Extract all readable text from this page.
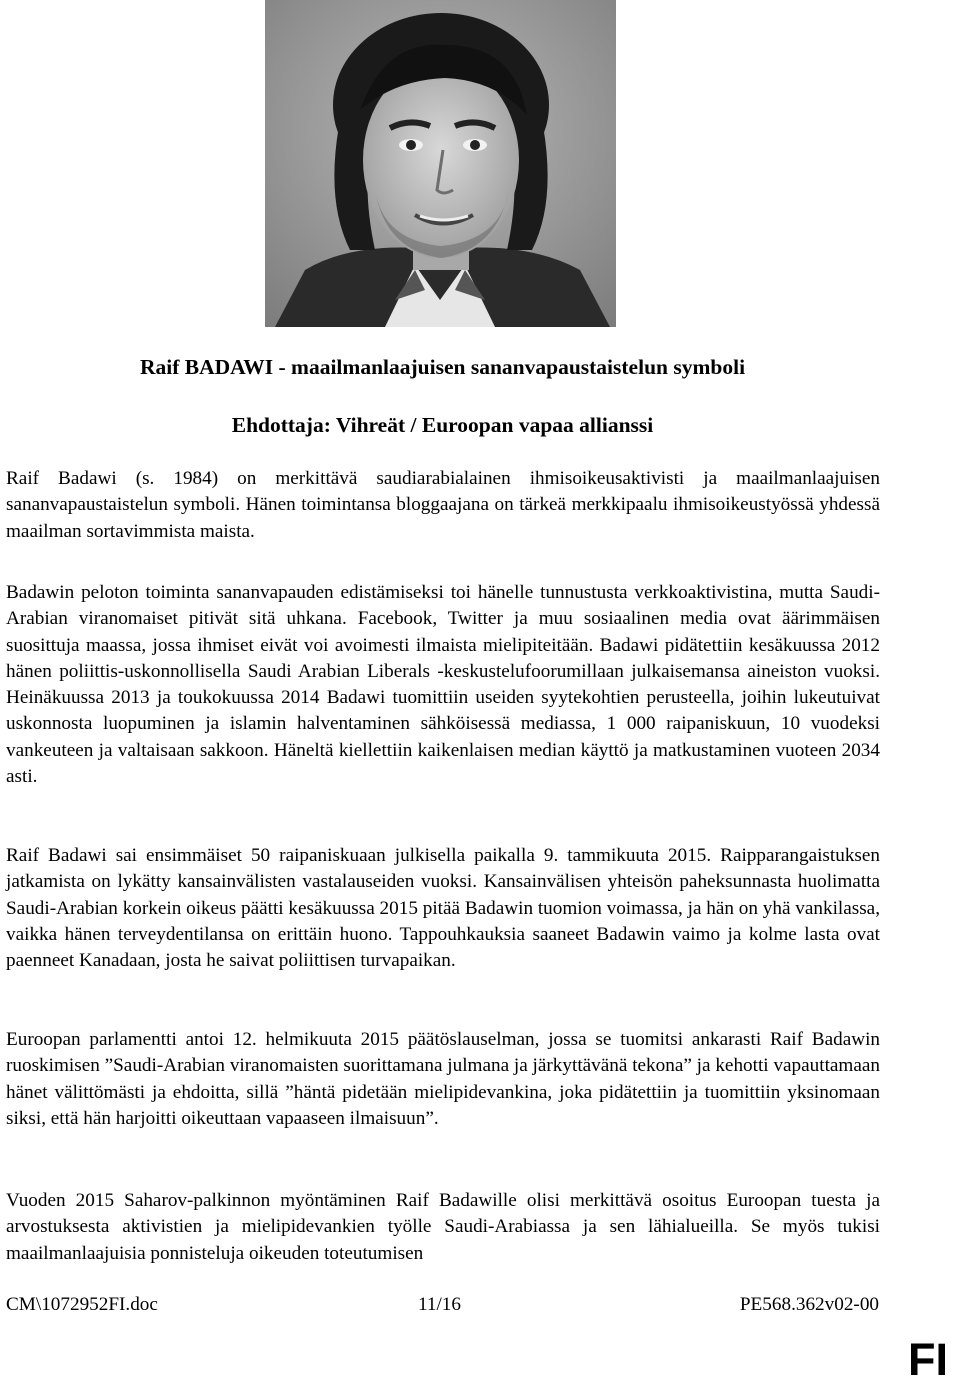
Raif BADAWI - maailmanlaajuisen sananvapaustaistelun symboli
Ehdottaja: Vihreät / Euroopan vapaa allianssi

Raif Badawi (s. 1984) on merkittävä saudiarabialainen ihmisoikeusaktivisti ja maailmanlaajuisen sananvapaustaistelun symboli. Hänen toimintansa bloggaajana on tärkeä merkkipaalu ihmisoikeustyössä yhdessä maailman sortavimmista maista.

Badawin peloton toiminta sananvapauden edistämiseksi toi hänelle tunnustusta verkkoaktivistina, mutta Saudi-Arabian viranomaiset pitivät sitä uhkana. Facebook, Twitter ja muu sosiaalinen media ovat äärimmäisen suosittuja maassa, jossa ihmiset eivät voi avoimesti ilmaista mielipiteitään. Badawi pidätettiin kesäkuussa 2012 hänen poliittis-uskonnollisella Saudi Arabian Liberals -keskustelufoorumillaan julkaisemansa aineiston vuoksi. Heinäkuussa 2013 ja toukokuussa 2014 Badawi tuomittiin useiden syytekohtien perusteella, joihin lukeutuivat uskonnosta luopuminen ja islamin halventaminen sähköisessä mediassa, 1 000 raipaniskuun, 10 vuodeksi vankeuteen ja valtaisaan sakkoon. Häneltä kiellettiin kaikenlaisen median käyttö ja matkustaminen vuoteen 2034 asti.

Raif Badawi sai ensimmäiset 50 raipaniskuaan julkisella paikalla 9. tammikuuta 2015. Raipparangaistuksen jatkamista on lykätty kansainvälisten vastalauseiden vuoksi. Kansainvälisen yhteisön paheksunnasta huolimatta Saudi-Arabian korkein oikeus päätti kesäkuussa 2015 pitää Badawin tuomion voimassa, ja hän on yhä vankilassa, vaikka hänen terveydentilansa on erittäin huono. Tappouhkauksia saaneet Badawin vaimo ja kolme lasta ovat paenneet Kanadaan, josta he saivat poliittisen turvapaikan.

Euroopan parlamentti antoi 12. helmikuuta 2015 päätöslauselman, jossa se tuomitsi ankarasti Raif Badawin ruoskimisen ”Saudi-Arabian viranomaisten suorittamana julmana ja järkyttävänä tekona” ja kehotti vapauttamaan hänet välittömästi ja ehdoitta, sillä ”häntä pidetään mielipidevankina, joka pidätettiin ja tuomittiin yksinomaan siksi, että hän harjoitti oikeuttaan vapaaseen ilmaisuun”.

Vuoden 2015 Saharov-palkinnon myöntäminen Raif Badawille olisi merkittävä osoitus Euroopan tuesta ja arvostuksesta aktivistien ja mielipidevankien työlle Saudi-Arabiassa ja sen lähialueilla. Se myös tukisi maailmanlaajuisia ponnisteluja oikeuden toteutumisen

CM\1072952FI.doc	11/16	PE568.362v02-00
FI
